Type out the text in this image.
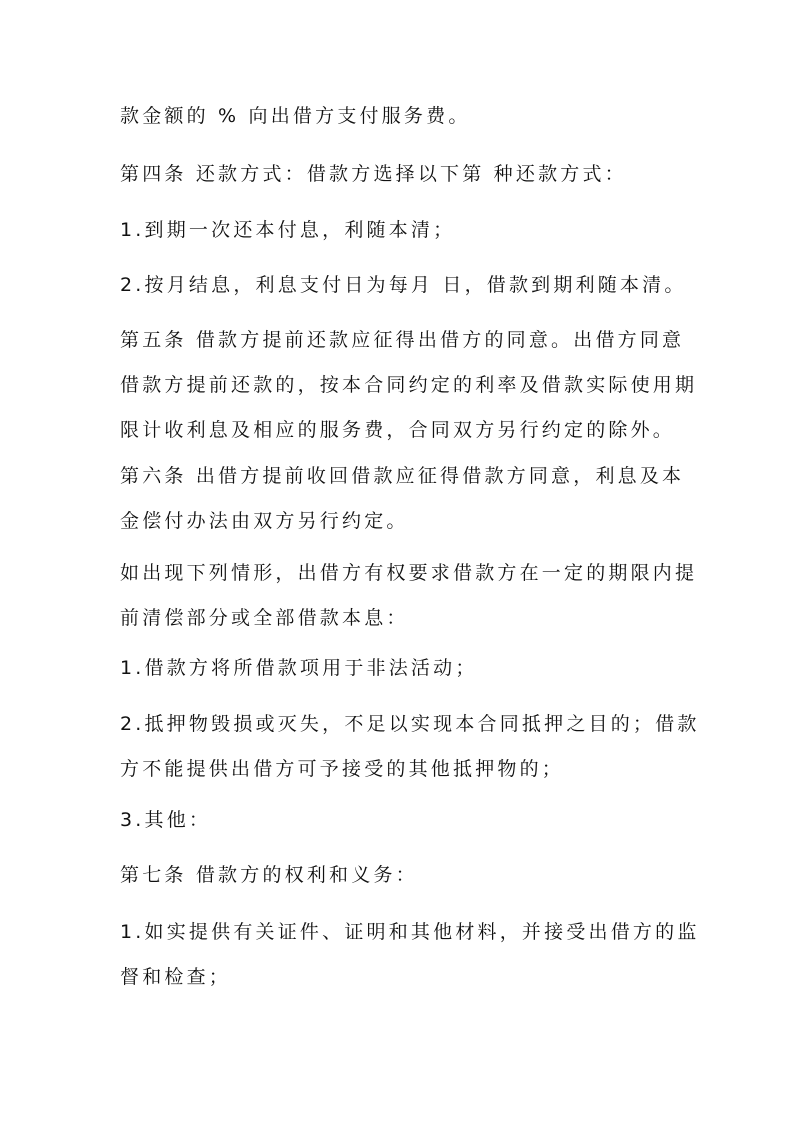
款金额的 % 向出借方支付服务费。
第四条 还款方式：借款方选择以下第 种还款方式：
1.到期一次还本付息，利随本清；
2.按月结息，利息支付日为每月 日，借款到期利随本清。
第五条 借款方提前还款应征得出借方的同意。出借方同意
借款方提前还款的，按本合同约定的利率及借款实际使用期
限计收利息及相应的服务费，合同双方另行约定的除外。
第六条 出借方提前收回借款应征得借款方同意，利息及本
金偿付办法由双方另行约定。
如出现下列情形，出借方有权要求借款方在一定的期限内提
前清偿部分或全部借款本息：
1.借款方将所借款项用于非法活动；
2.抵押物毁损或灭失，不足以实现本合同抵押之目的；借款
方不能提供出借方可予接受的其他抵押物的；
3.其他：
第七条 借款方的权利和义务：
1.如实提供有关证件、证明和其他材料，并接受出借方的监
督和检查；
